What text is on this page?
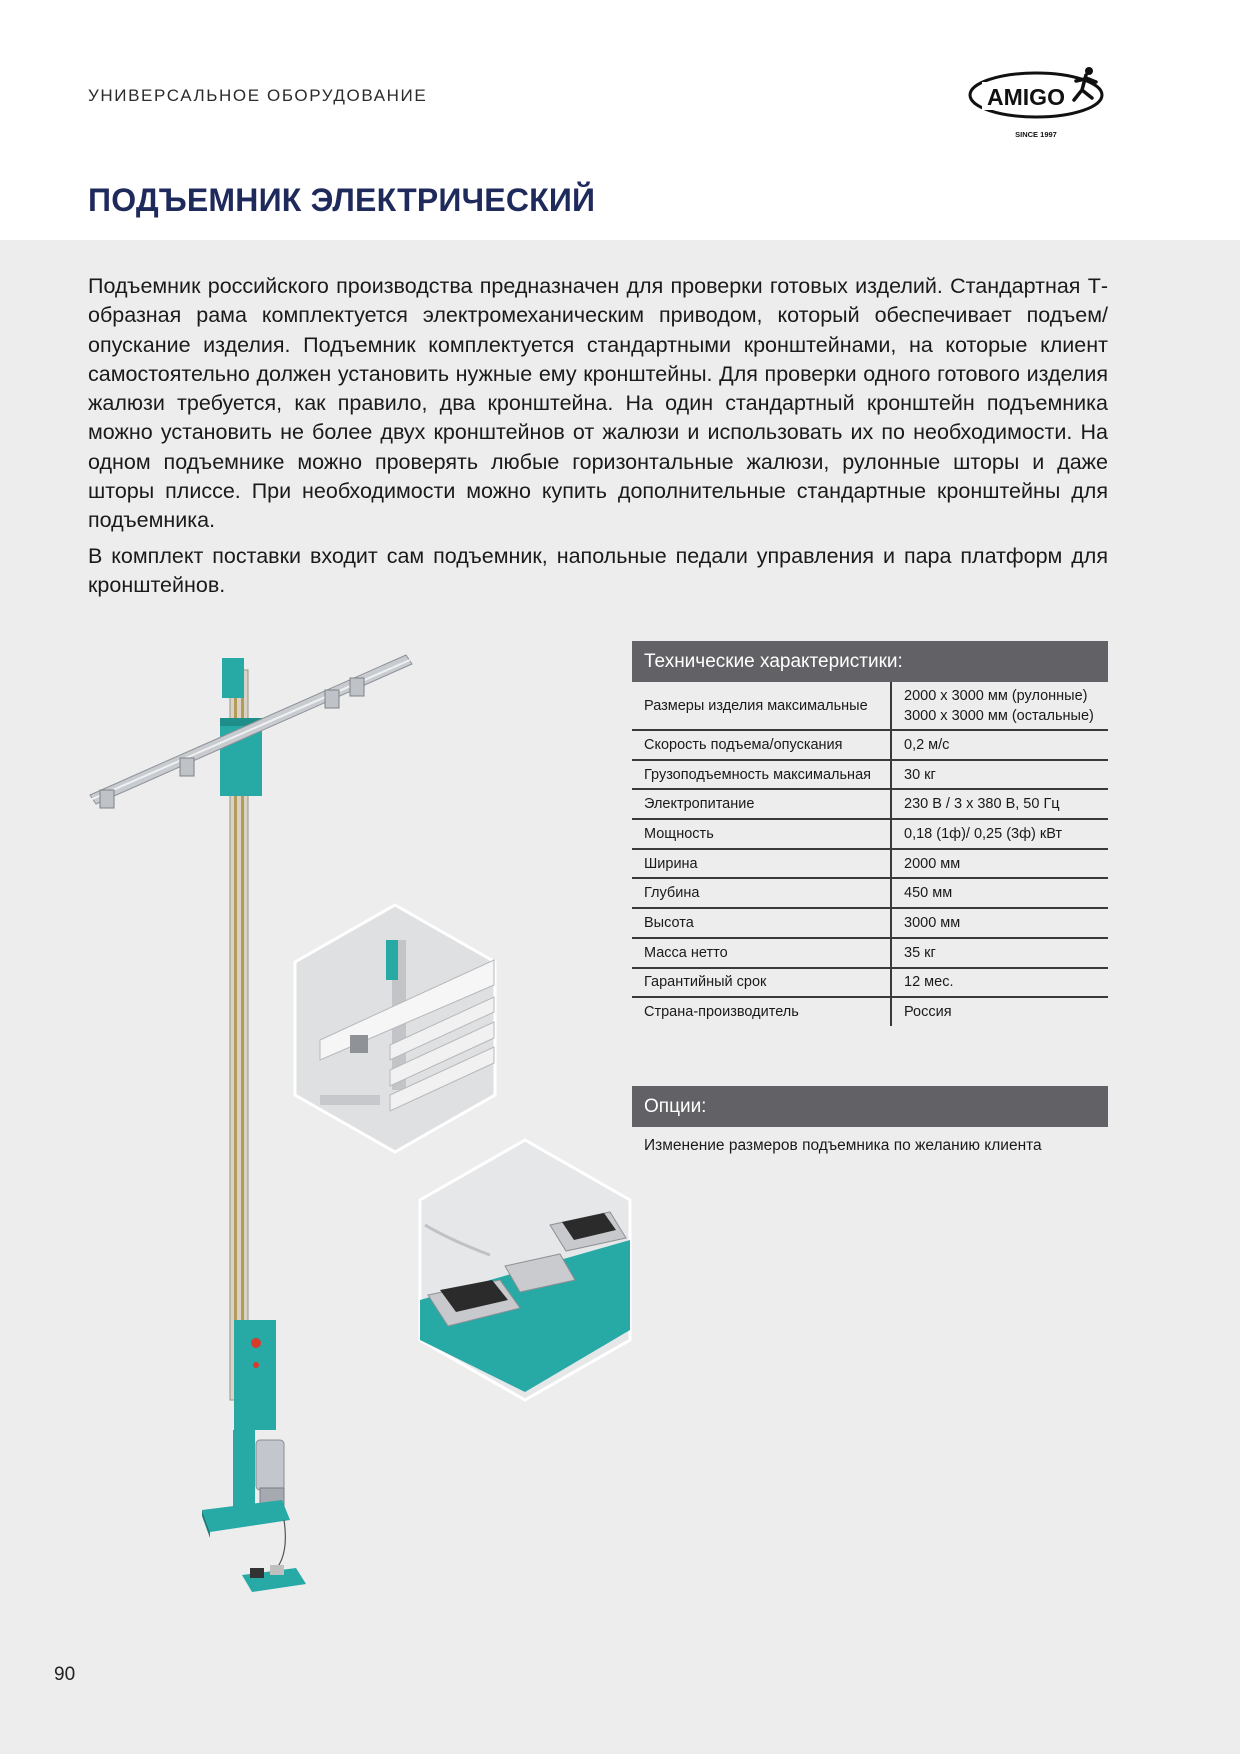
УНИВЕРСАЛЬНОЕ ОБОРУДОВАНИЕ	AMIGO
SINCE 1997
ПОДЪЕМНИК ЭЛЕКТРИЧЕСКИЙ

Подъемник российского производства предназначен для проверки готовых изделий. Стандартная Т-образная рама комплектуется электромеханическим приводом, который обеспечивает подъем/опускание изделия. Подъемник комплектуется стандартными кронштейнами, на которые клиент самостоятельно должен установить нужные ему кронштейны. Для проверки одного готового изделия жалюзи требуется, как правило, два кронштейна. На один стандартный кронштейн подъемника можно установить не более двух кронштейнов от жалюзи и использовать их по необходимости. На одном подъемнике можно проверять любые горизонтальные жалюзи, рулонные шторы и даже шторы плиссе. При необходимости можно купить дополнительные стандартные кронштейны для подъемника.

В комплект поставки входит сам подъемник, напольные педали управления и пара платформ для кронштейнов.

Технические характеристики:
Размеры изделия максимальные	2000 х 3000 мм (рулонные)
3000 х 3000 мм (остальные)

Скорость подъема/опускания	0,2 м/с
Грузоподъемность максимальная	30 кг
Электропитание	230 В / 3 х 380 В, 50 Гц
Мощность	0,18 (1ф)/ 0,25 (3ф) кВт
Ширина	2000 мм
Глубина	450 мм
Высота	3000 мм
Масса нетто	35 кг
Гарантийный срок	12 мес.
Страна-производитель	Россия
Опции:
Изменение размеров подъемника по желанию клиента
90
